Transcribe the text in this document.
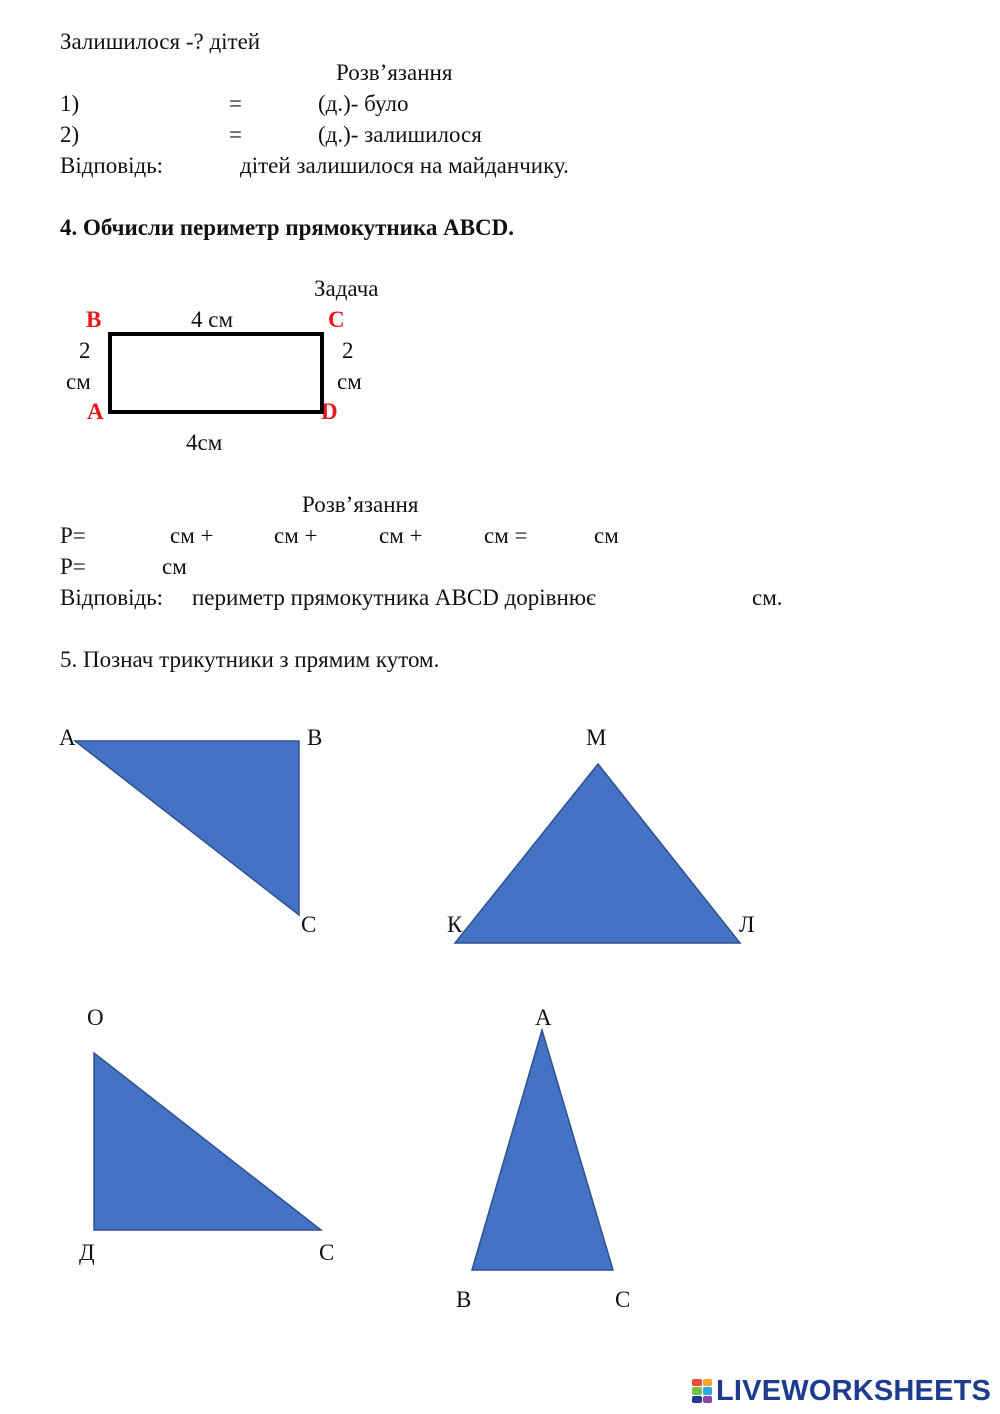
Залишилося -? дітей
Розв’язання
1)	=	(д.)- було
2)	=	(д.)- залишилося
Відповідь:	дітей залишилося на майданчику.
4. Обчисли периметр прямокутника ABCD.
Задача
B	4 см	C
2	2
см	см
A	D
4см
Розв’язання
P=	см +	см +	см +	см =	см
P=	см
Відповідь: периметр прямокутника ABCD дорівнює	см.
5. Познач трикутники з прямим кутом.
A	B
C
M
К	Л
O
Д	C
A
B	C
LIVEWORKSHEETS
